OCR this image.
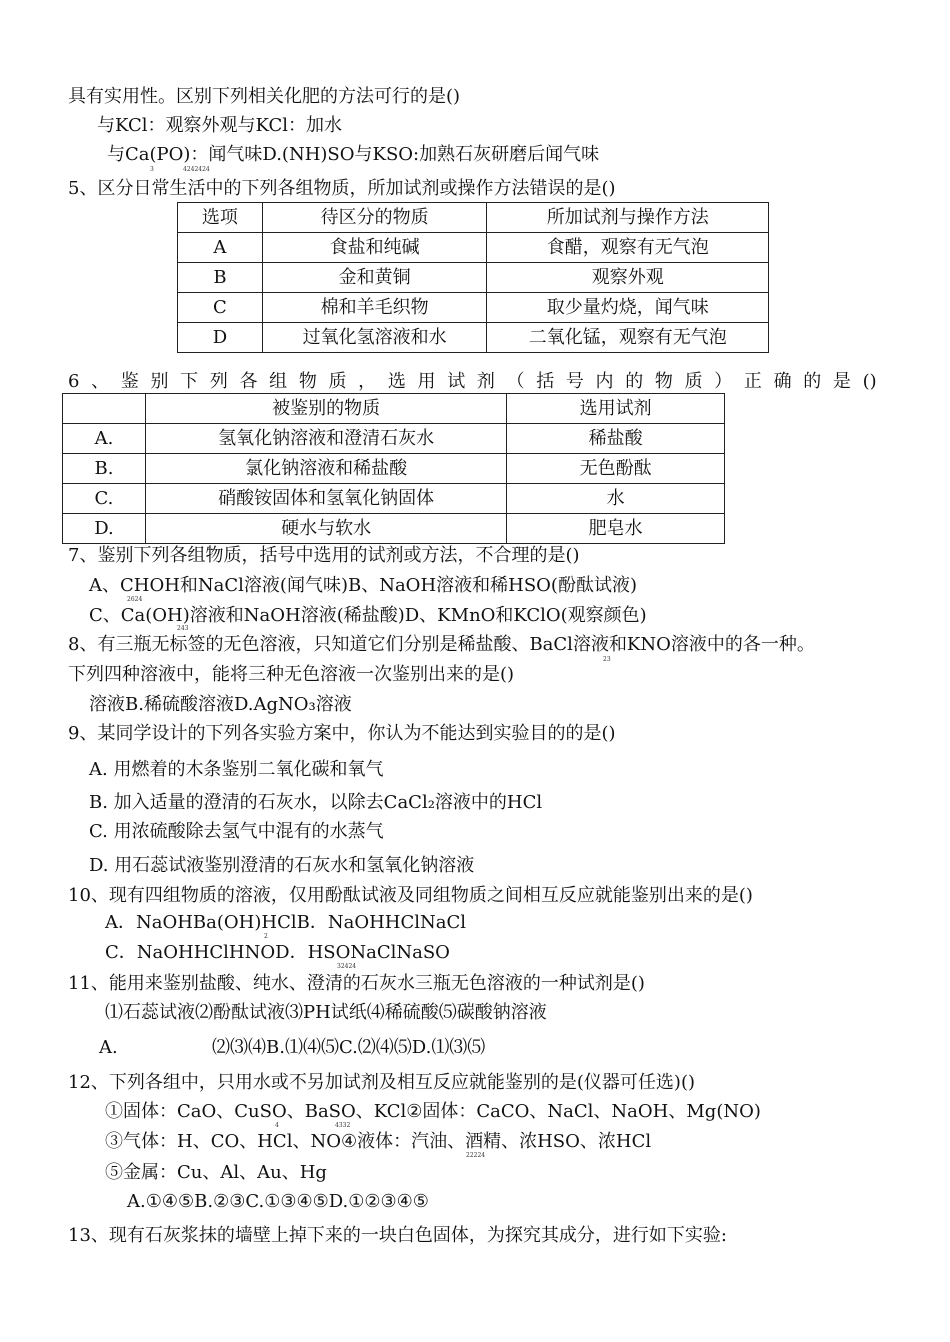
具有实用性。区别下列相关化肥的方法可行的是()
与KCl：观察外观与KCl：加水
与Ca(PO)：闻气味D.(NH)SO与KSO:加熟石灰研磨后闻气味
3	4242424
5、区分日常生活中的下列各组物质，所加试剂或操作方法错误的是()
选项	待区分的物质	所加试剂与操作方法
A	食盐和纯碱	食醋，观察有无气泡
B	金和黄铜	观察外观
C	棉和羊毛织物	取少量灼烧，闻气味
D	过氧化氢溶液和水	二氧化锰，观察有无气泡
6 、 鉴 别 下 列 各 组 物 质 ， 选 用 试 剂 （ 括 号 内 的 物 质 ） 正 确 的 是 ()
	被鉴别的物质	选用试剂
A.	氢氧化钠溶液和澄清石灰水	稀盐酸
B.	氯化钠溶液和稀盐酸	无色酚酞
C.	硝酸铵固体和氢氧化钠固体	水
D.	硬水与软水	肥皂水
7、鉴别下列各组物质，括号中选用的试剂或方法，不合理的是()
A、CHOH和NaCl溶液(闻气味)B、NaOH溶液和稀HSO(酚酞试液)
2624
C、Ca(OH)溶液和NaOH溶液(稀盐酸)D、KMnO和KClO(观察颜色)
243
8、有三瓶无标签的无色溶液，只知道它们分别是稀盐酸、BaCl溶液和KNO溶液中的各一种。
23
下列四种溶液中，能将三种无色溶液一次鉴别出来的是()
溶液B.稀硫酸溶液D.AgNO₃溶液
9、某同学设计的下列各实验方案中，你认为不能达到实验目的的是()
A. 用燃着的木条鉴别二氧化碳和氧气
B. 加入适量的澄清的石灰水，以除去CaCl₂溶液中的HCl
C. 用浓硫酸除去氢气中混有的水蒸气
D. 用石蕊试液鉴别澄清的石灰水和氢氧化钠溶液
10、现有四组物质的溶液，仅用酚酞试液及同组物质之间相互反应就能鉴别出来的是()
A．NaOHBa(OH)HClB．NaOHHClNaCl
2
C．NaOHHClHNOD．HSONaClNaSO
32424
11、能用来鉴别盐酸、纯水、澄清的石灰水三瓶无色溶液的一种试剂是()
⑴石蕊试液⑵酚酞试液⑶PH试纸⑷稀硫酸⑸碳酸钠溶液
A.	⑵⑶⑷B.⑴⑷⑸C.⑵⑷⑸D.⑴⑶⑸
12、下列各组中，只用水或不另加试剂及相互反应就能鉴别的是(仪器可任选)()
①固体：CaO、CuSO、BaSO、KCl②固体：CaCO、NaCl、NaOH、Mg(NO)
4	4332
③气体：H、CO、HCl、NO④液体：汽油、酒精、浓HSO、浓HCl
22224
⑤金属：Cu、Al、Au、Hg
A.①④⑤B.②③C.①③④⑤D.①②③④⑤
13、现有石灰浆抹的墙壁上掉下来的一块白色固体，为探究其成分，进行如下实验:
